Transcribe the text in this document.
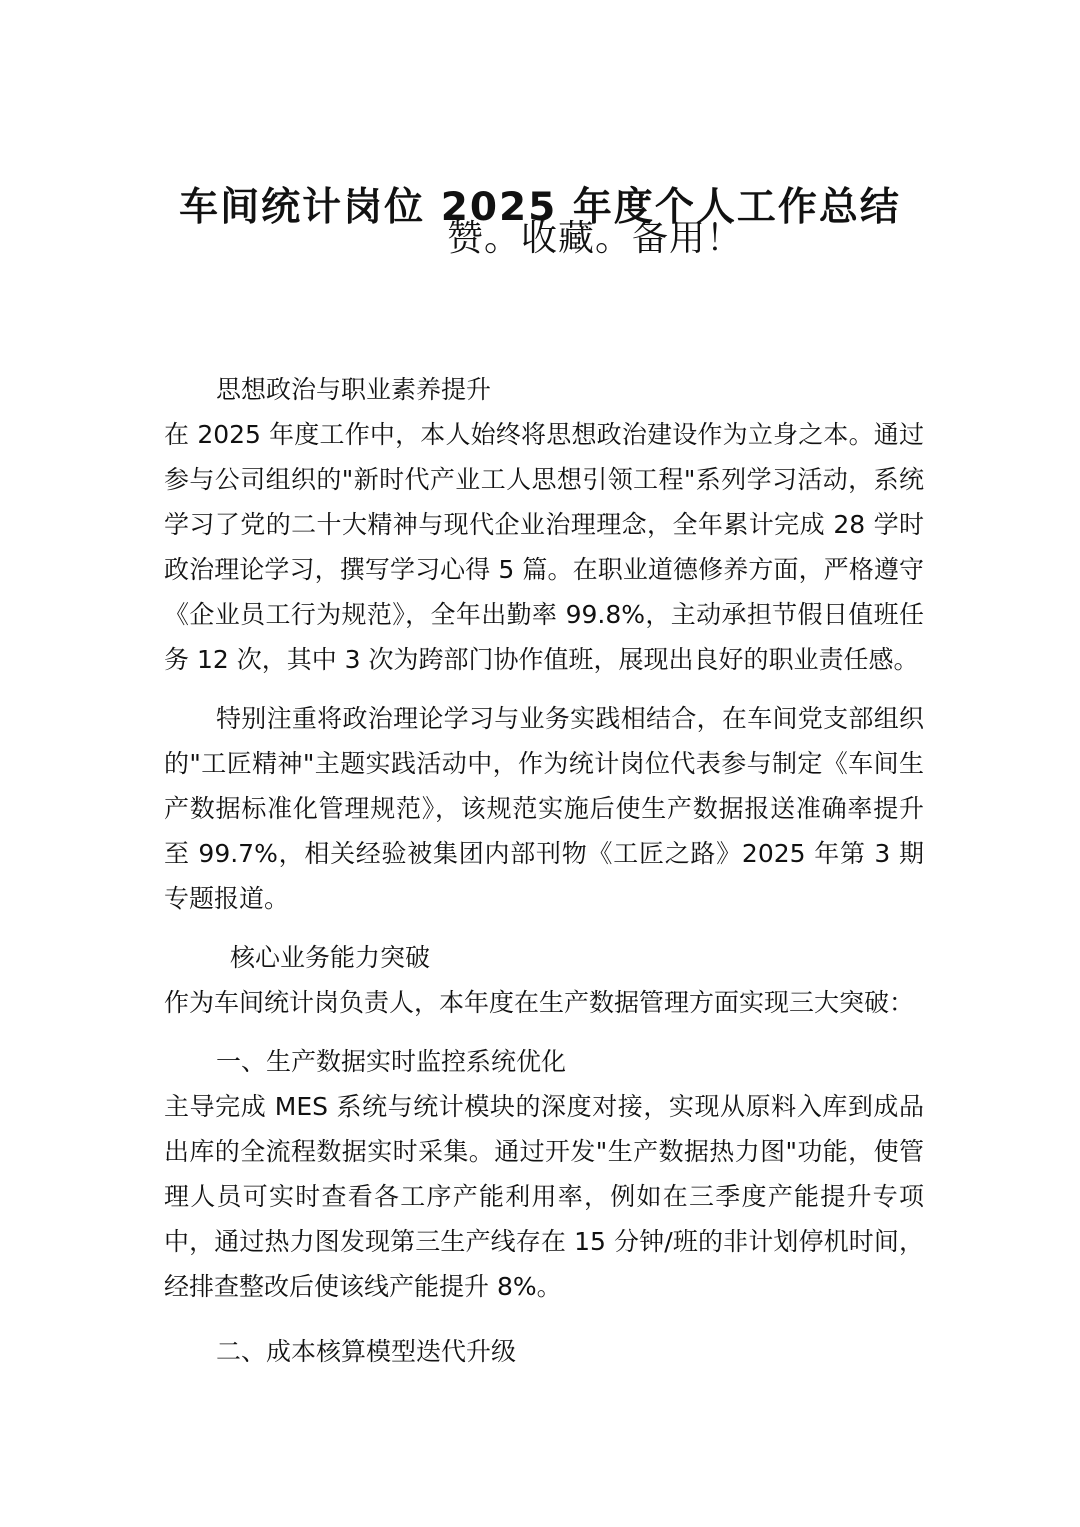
车间统计岗位 2025 年度个人工作总结
赞。收藏。备用！

思想政治与职业素养提升

在 2025 年度工作中，本人始终将思想政治建设作为立身之本。通过参与公司组织的"新时代产业工人思想引领工程"系列学习活动，系统学习了党的二十大精神与现代企业治理理念，全年累计完成 28 学时政治理论学习，撰写学习心得 5 篇。在职业道德修养方面，严格遵守《企业员工行为规范》，全年出勤率 99.8%，主动承担节假日值班任务 12 次，其中 3 次为跨部门协作值班，展现出良好的职业责任感。

特别注重将政治理论学习与业务实践相结合，在车间党支部组织的"工匠精神"主题实践活动中，作为统计岗位代表参与制定《车间生产数据标准化管理规范》，该规范实施后使生产数据报送准确率提升至 99.7%，相关经验被集团内部刊物《工匠之路》2025 年第 3 期专题报道。

核心业务能力突破

作为车间统计岗负责人，本年度在生产数据管理方面实现三大突破：

一、生产数据实时监控系统优化

主导完成 MES 系统与统计模块的深度对接，实现从原料入库到成品出库的全流程数据实时采集。通过开发"生产数据热力图"功能，使管理人员可实时查看各工序产能利用率，例如在三季度产能提升专项中，通过热力图发现第三生产线存在 15 分钟/班的非计划停机时间，经排查整改后使该线产能提升 8%。

二、成本核算模型迭代升级
